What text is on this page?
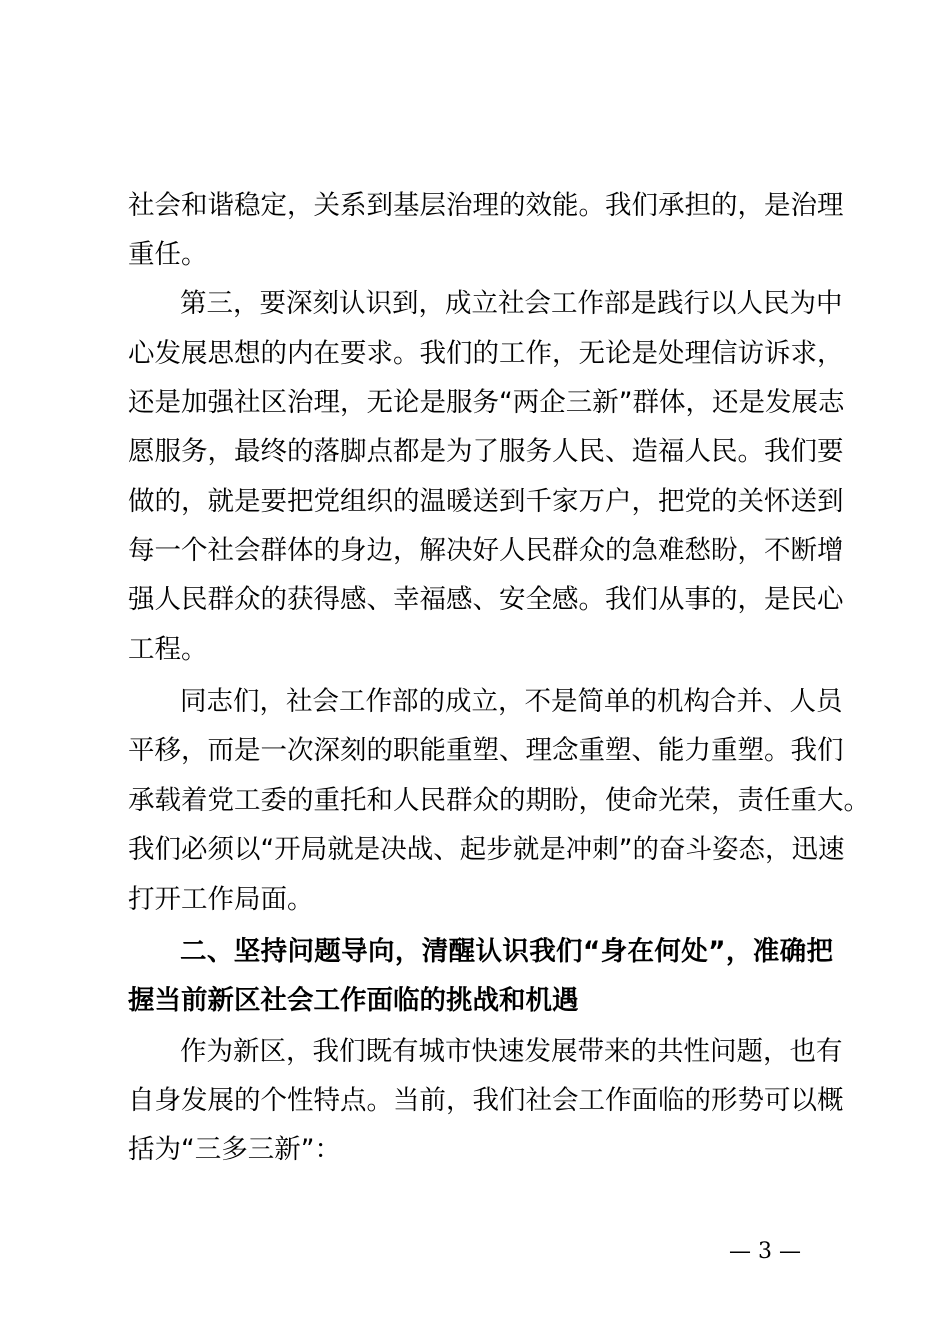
社会和谐稳定，关系到基层治理的效能。我们承担的，是治理
重任。
第三，要深刻认识到，成立社会工作部是践行以人民为中
心发展思想的内在要求。我们的工作，无论是处理信访诉求，
还是加强社区治理，无论是服务“两企三新”群体，还是发展志
愿服务，最终的落脚点都是为了服务人民、造福人民。我们要
做的，就是要把党组织的温暖送到千家万户，把党的关怀送到
每一个社会群体的身边，解决好人民群众的急难愁盼，不断增
强人民群众的获得感、幸福感、安全感。我们从事的，是民心
工程。
同志们，社会工作部的成立，不是简单的机构合并、人员
平移，而是一次深刻的职能重塑、理念重塑、能力重塑。我们
承载着党工委的重托和人民群众的期盼，使命光荣，责任重大。
我们必须以“开局就是决战、起步就是冲刺”的奋斗姿态，迅速
打开工作局面。
二、坚持问题导向，清醒认识我们“身在何处”，准确把
握当前新区社会工作面临的挑战和机遇
作为新区，我们既有城市快速发展带来的共性问题，也有
自身发展的个性特点。当前，我们社会工作面临的形势可以概
括为“三多三新”：
— 3 —
